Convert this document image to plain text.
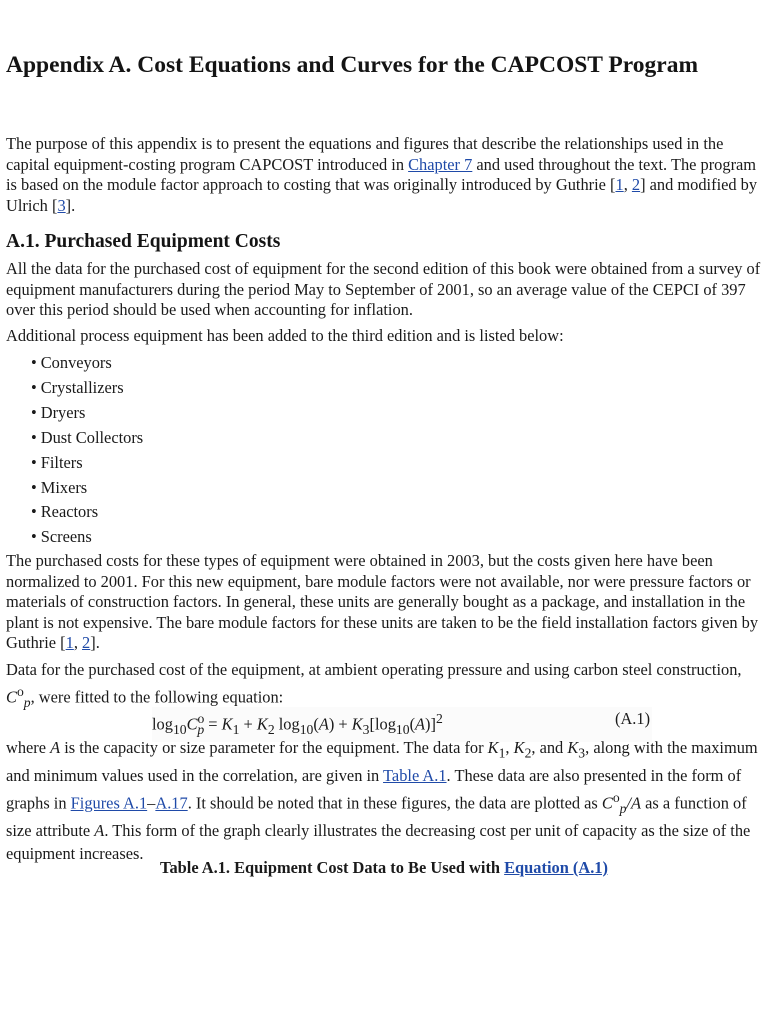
Appendix A. Cost Equations and Curves for the CAPCOST Program

The purpose of this appendix is to present the equations and figures that describe the relationships used in the capital equipment-costing program CAPCOST introduced in Chapter 7 and used throughout the text. The program is based on the module factor approach to costing that was originally introduced by Guthrie [1, 2] and modified by Ulrich [3].

A.1. Purchased Equipment Costs

All the data for the purchased cost of equipment for the second edition of this book were obtained from a survey of equipment manufacturers during the period May to September of 2001, so an average value of the CEPCI of 397 over this period should be used when accounting for inflation.

Additional process equipment has been added to the third edition and is listed below:

• Conveyors
• Crystallizers
• Dryers
• Dust Collectors
• Filters
• Mixers
• Reactors
• Screens

The purchased costs for these types of equipment were obtained in 2003, but the costs given here have been normalized to 2001. For this new equipment, bare module factors were not available, nor were pressure factors or materials of construction factors. In general, these units are generally bought as a package, and installation in the plant is not expensive. The bare module factors for these units are taken to be the field installation factors given by Guthrie [1, 2].

Data for the purchased cost of the equipment, at ambient operating pressure and using carbon steel construction, $C^o_p$, were fitted to the following equation:

$\log_{10}C^o_p = K_1 + K_2$ $\log_{10}(A) + K_3[\log_{10}(A)]^2$	(A.1)

where A is the capacity or size parameter for the equipment. The data for $K_1$, $K_2$, and $K_3$, along with the maximum and minimum values used in the correlation, are given in Table A.1. These data are also presented in the form of graphs in Figures A.1–A.17. It should be noted that in these figures, the data are plotted as $C^o_p/A$ as a function of size attribute A. This form of the graph clearly illustrates the decreasing cost per unit of capacity as the size of the equipment increases.

Table A.1. Equipment Cost Data to Be Used with Equation (A.1)
